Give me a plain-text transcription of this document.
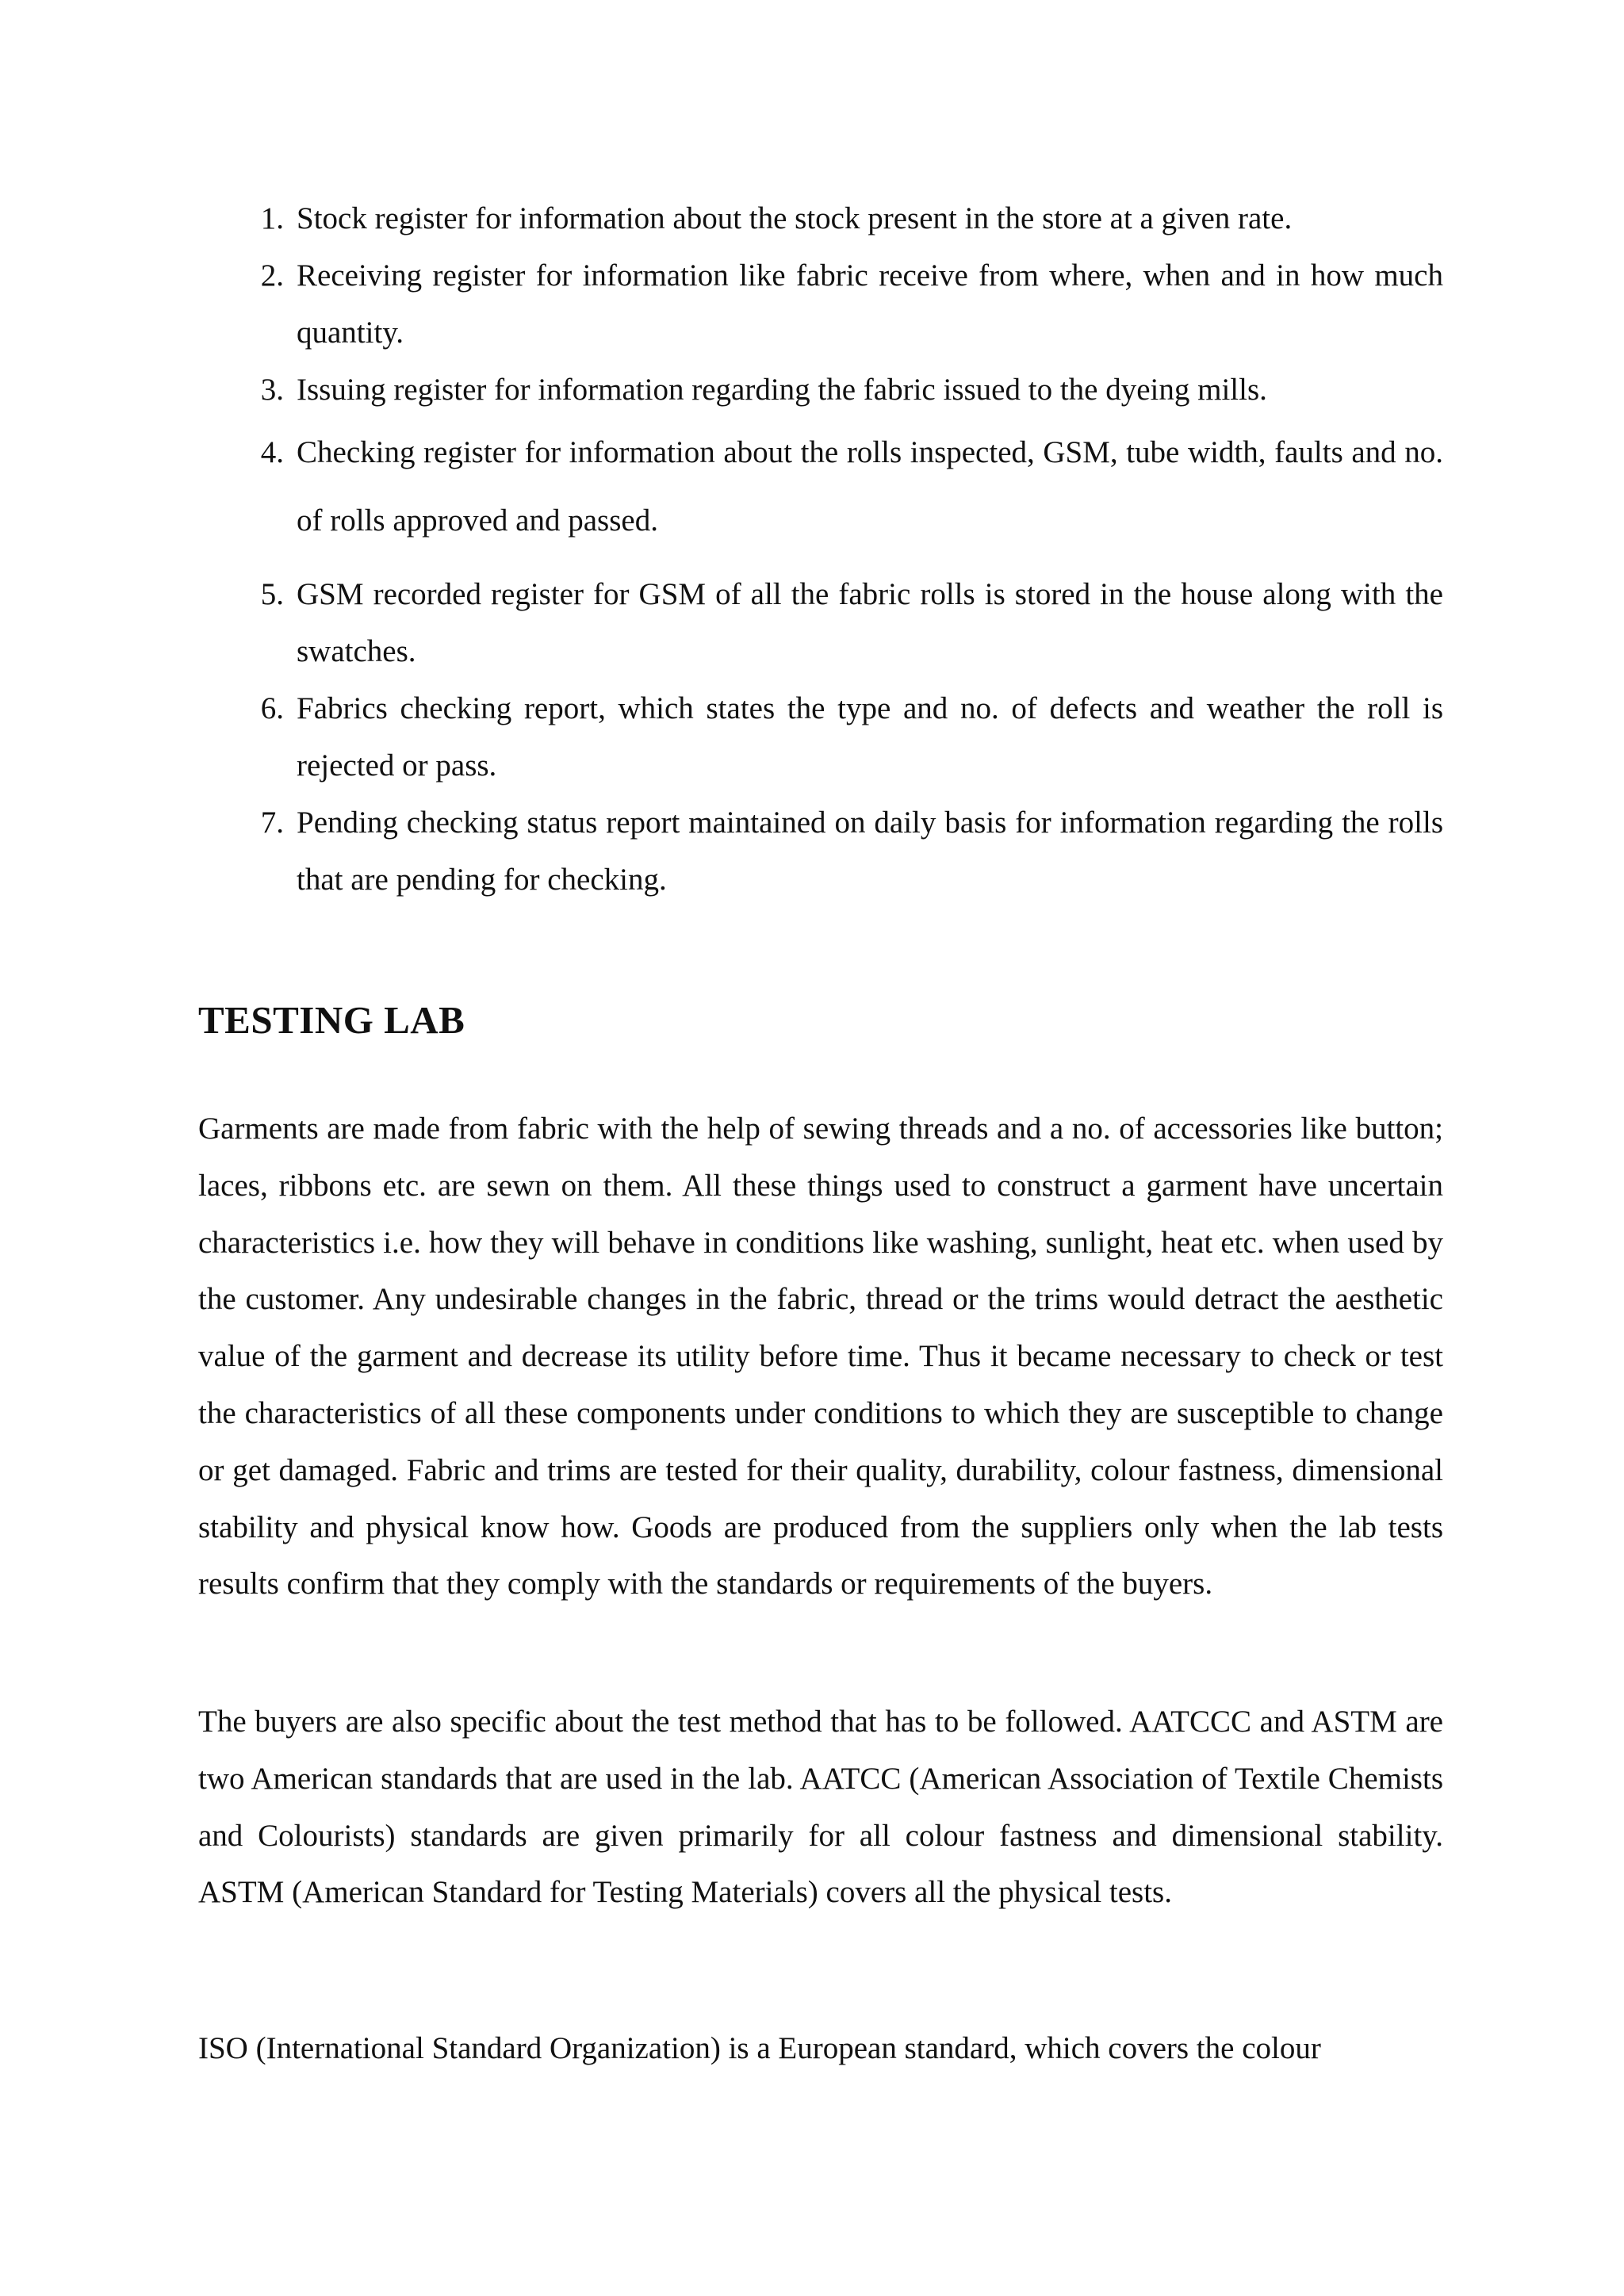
1. Stock register for information about the stock present in the store at a given rate.
2. Receiving register for information like fabric receive from where, when and in how much quantity.
3. Issuing register for information regarding the fabric issued to the dyeing mills.
4. Checking register for information about the rolls inspected, GSM, tube width, faults and no. of rolls approved and passed.
5. GSM recorded register for GSM of all the fabric rolls is stored in the house along with the swatches.
6. Fabrics checking report, which states the type and no. of defects and weather the roll is rejected or pass.
7. Pending checking status report maintained on daily basis for information regarding the rolls that are pending for checking.
TESTING LAB

Garments are made from fabric with the help of sewing threads and a no. of accessories like button; laces, ribbons etc. are sewn on them. All these things used to construct a garment have uncertain characteristics i.e. how they will behave in conditions like washing, sunlight, heat etc. when used by the customer. Any undesirable changes in the fabric, thread or the trims would detract the aesthetic value of the garment and decrease its utility before time. Thus it became necessary to check or test the characteristics of all these components under conditions to which they are susceptible to change or get damaged. Fabric and trims are tested for their quality, durability, colour fastness, dimensional stability and physical know how. Goods are produced from the suppliers only when the lab tests results confirm that they comply with the standards or requirements of the buyers.

The buyers are also specific about the test method that has to be followed. AATCCC and ASTM are two American standards that are used in the lab. AATCC (American Association of Textile Chemists and Colourists) standards are given primarily for all colour fastness and dimensional stability. ASTM (American Standard for Testing Materials) covers all the physical tests.

ISO (International Standard Organization) is a European standard, which covers the colour
